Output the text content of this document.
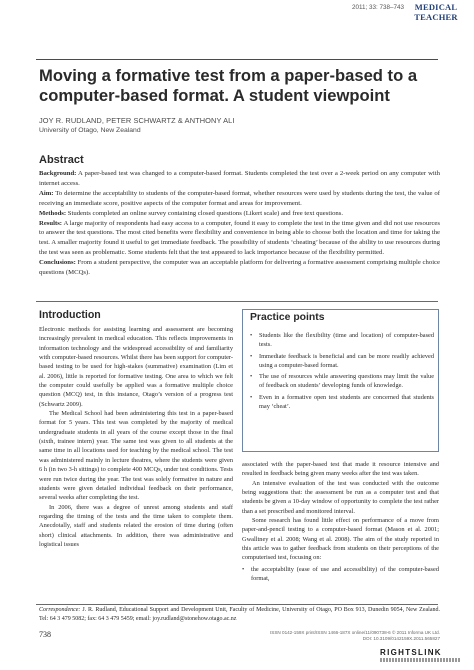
2011; 33: 738–743	MEDICAL
TEACHER
Moving a formative test from a paper-based to a computer-based format. A student viewpoint
JOY R. RUDLAND, PETER SCHWARTZ & ANTHONY ALI
University of Otago, New Zealand
Abstract

Background: A paper-based test was changed to a computer-based format. Students completed the test over a 2-week period on any computer with internet access.

Aim: To determine the acceptability to students of the computer-based format, whether resources were used by students during the test, the value of receiving an immediate score, positive aspects of the computer format and areas for improvement.

Methods: Students completed an online survey containing closed questions (Likert scale) and free text questions.

Results: A large majority of respondents had easy access to a computer, found it easy to complete the test in the time given and did not use resources to answer the test questions. The most cited benefits were flexibility and convenience in being able to choose both the location and time for taking the test. A smaller majority found it useful to get immediate feedback. The possibility of students ‘cheating’ because of the ability to use resources during the test was seen as problematic. Some students felt that the test appeared to lack importance because of the flexibility permitted.

Conclusions: From a student perspective, the computer was an acceptable platform for delivering a formative assessment comprising multiple choice questions (MCQs).

Introduction

Electronic methods for assisting learning and assessment are becoming increasingly prevalent in medical education. This reflects improvements in information technology and the widespread accessibility of and familiarity with computer-based resources. Whilst there has been support for computer-based testing to be used for high-stakes (summative) examination (Lim et al. 2006), little is reported for formative testing. One area to which we felt the computer could usefully be applied was a formative multiple choice question (MCQ) test, in this instance, Otago’s version of a progress test (Schwartz 2009).

The Medical School had been administering this test in a paper-based format for 5 years. This test was completed by the majority of medical undergraduate students in all years of the course except those in the final (sixth, trainee intern) year. The same test was given to all students at the same time in all locations used for teaching by the medical school. The test was administered mainly in lecture theatres, where the students were given 6 h (in two 3-h sittings) to complete 400 MCQs, under test conditions. Tests were run twice during the year. The test was solely formative in nature and students were given detailed individual feedback on their performance, several weeks after completing the test.

In 2006, there was a degree of unrest among students and staff regarding the timing of the tests and the time taken to complete them. Anecdotally, staff and students related the erosion of time during (often short) clinical attachments. In addition, there was administrative and logistical issues

Practice points
• Students like the flexibility (time and location) of computer-based tests.
• Immediate feedback is beneficial and can be more readily achieved using a computer-based format.
• The use of resources while answering questions may limit the value of feedback on students’ developing funds of knowledge.
• Even in a formative open test students are concerned that students may ‘cheat’.

associated with the paper-based test that made it resource intensive and resulted in feedback being given many weeks after the test was taken.

An intensive evaluation of the test was conducted with the outcome being suggestions that: the assessment be run as a computer test and that students be given a 10-day window of opportunity to complete the test rather than a set prescribed and monitored interval.

Some research has found little effect on performance of a move from paper-and-pencil testing to a computer-based format (Mason et al. 2001; Gwalltney et al. 2008; Wang et al. 2008). The aim of the study reported in this article was to gather feedback from students on their perceptions of the computerised test, focusing on:

• the acceptability (ease of use and accessibility) of the computer-based format,
Correspondence: J. R. Rudland, Educational Support and Development Unit, Faculty of Medicine, University of Otago, PO Box 913, Dunedin 9054, New Zealand. Tel: 64 3 479 5082; fax: 64 3 479 5459; email: joy.rudland@stonehow.otago.ac.nz
738	ISSN 0142-159X print/ISSN 1466-187X online/11/090738-6 © 2011 Informa UK Ltd.
DOI: 10.3109/0142159X.2011.565827
RIGHTSLINK
